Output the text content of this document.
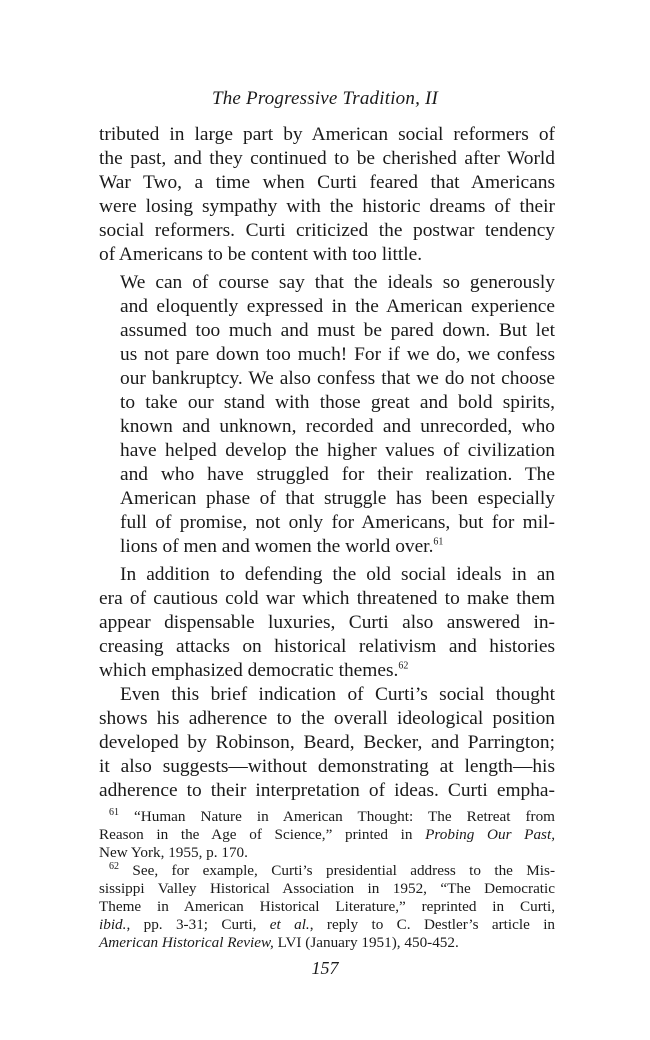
The Progressive Tradition, II
tributed in large part by American social reformers of
the past, and they continued to be cherished after World
War Two, a time when Curti feared that Americans
were losing sympathy with the historic dreams of their
social reformers. Curti criticized the postwar tendency
of Americans to be content with too little.
We can of course say that the ideals so generously
and eloquently expressed in the American experience
assumed too much and must be pared down. But let
us not pare down too much! For if we do, we confess
our bankruptcy. We also confess that we do not choose
to take our stand with those great and bold spirits,
known and unknown, recorded and unrecorded, who
have helped develop the higher values of civilization
and who have struggled for their realization. The
American phase of that struggle has been especially
full of promise, not only for Americans, but for mil-
lions of men and women the world over.$^{61}$
In addition to defending the old social ideals in an
era of cautious cold war which threatened to make them
appear dispensable luxuries, Curti also answered in-
creasing attacks on historical relativism and histories
which emphasized democratic themes.$^{62}$
Even this brief indication of Curti’s social thought
shows his adherence to the overall ideological position
developed by Robinson, Beard, Becker, and Parrington;
it also suggests—without demonstrating at length—his
adherence to their interpretation of ideas. Curti empha-
$^{61}$ “Human Nature in American Thought: The Retreat from
Reason in the Age of Science,” printed in Probing Our Past,
New York, 1955, p. 170.
$^{62}$ See, for example, Curti’s presidential address to the Mis-
sissippi Valley Historical Association in 1952, “The Democratic
Theme in American Historical Literature,” reprinted in Curti,
ibid., pp. 3-31; Curti, et al., reply to C. Destler’s article in
American Historical Review, LVI (January 1951), 450-452.
157
